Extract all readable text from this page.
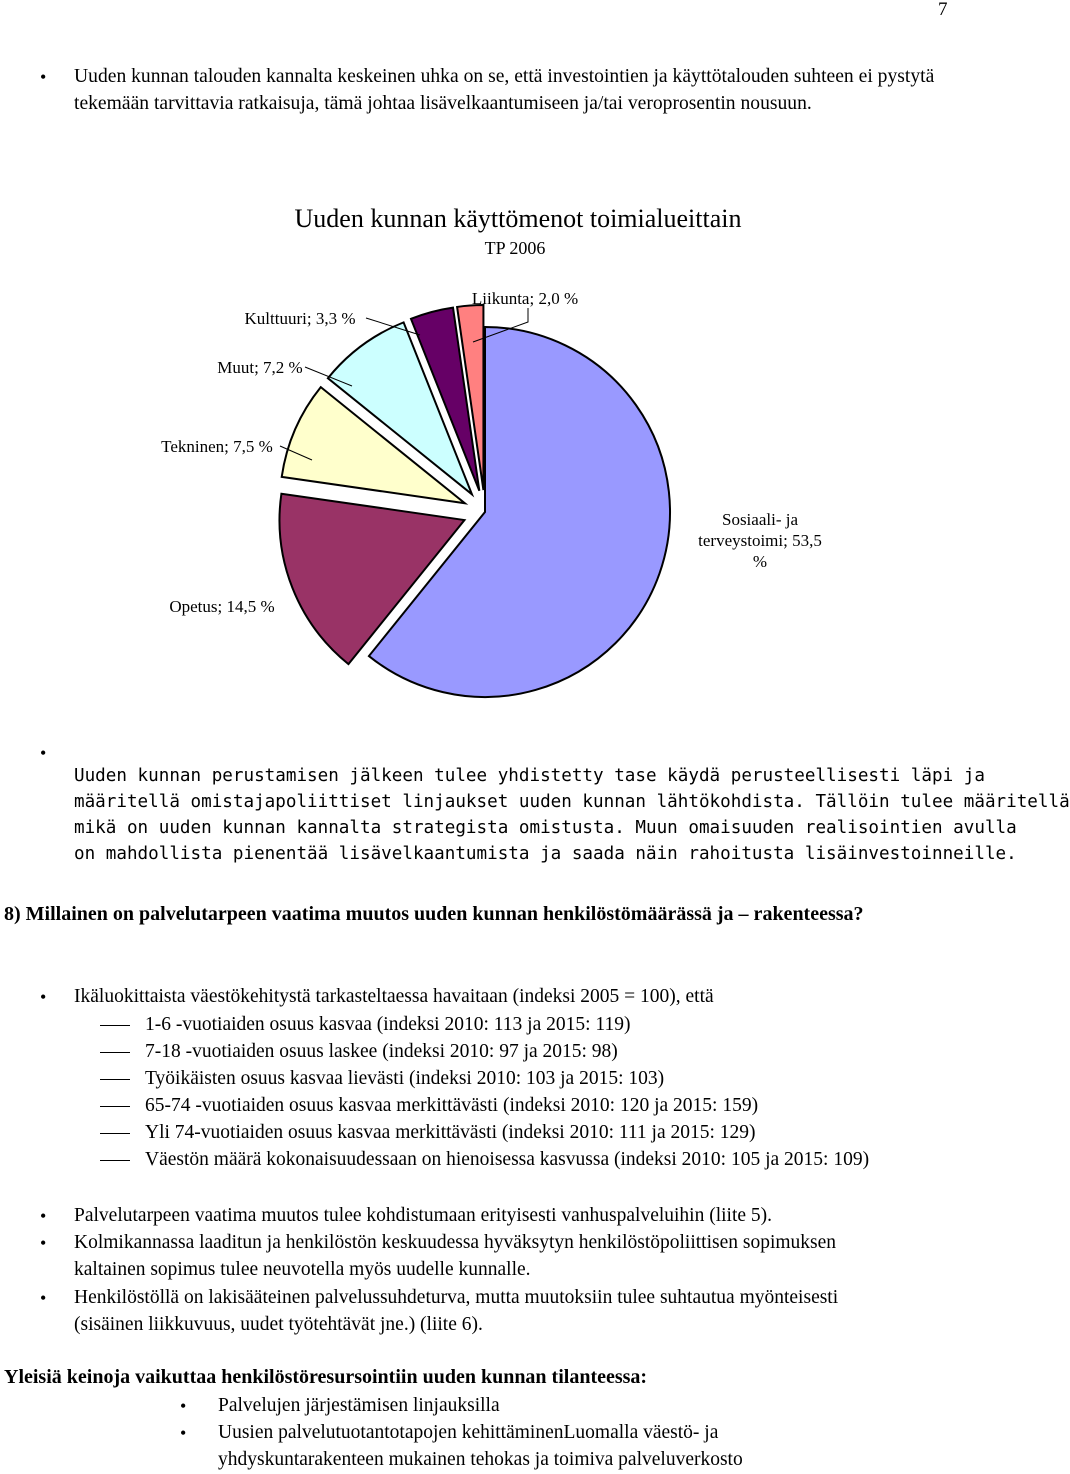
7
• Uuden kunnan talouden kannalta keskeinen uhka on se, että investointien ja käyttötalouden suhteen ei pystytä tekemään tarvittavia ratkaisuja, tämä johtaa lisävelkaantumiseen ja/tai veroprosentin nousuun.
Uuden kunnan käyttömenot toimialueittain
TP 2006
Sosiaali- ja terveystoimi; 53,5 %
Opetus; 14,5 %
Tekninen; 7,5 %
Muut; 7,2 %
Kulttuuri; 3,3 %
Liikunta; 2,0 %
•
Uuden kunnan perustamisen jälkeen tulee yhdistetty tase käydä perusteellisesti läpi ja
määritellä omistajapoliittiset linjaukset uuden kunnan lähtökohdista. Tällöin tulee määritellä
mikä on uuden kunnan kannalta strategista omistusta. Muun omaisuuden realisointien avulla
on mahdollista pienentää lisävelkaantumista ja saada näin rahoitusta lisäinvestoinneille.
8) Millainen on palvelutarpeen vaatima muutos uuden kunnan henkilöstömäärässä ja – rakenteessa?
• Ikäluokittaista väestökehitystä tarkasteltaessa havaitaan (indeksi 2005 = 100), että
1-6 -vuotiaiden osuus kasvaa (indeksi 2010: 113 ja 2015: 119)
7-18 -vuotiaiden osuus laskee (indeksi 2010: 97 ja 2015: 98)
Työikäisten osuus kasvaa lievästi (indeksi 2010: 103 ja 2015: 103)
65-74 -vuotiaiden osuus kasvaa merkittävästi (indeksi 2010: 120 ja 2015: 159)
Yli 74-vuotiaiden osuus kasvaa merkittävästi (indeksi 2010: 111 ja 2015: 129)
Väestön määrä kokonaisuudessaan on hienoisessa kasvussa (indeksi 2010: 105 ja 2015: 109)
• Palvelutarpeen vaatima muutos tulee kohdistumaan erityisesti vanhuspalveluihin (liite 5).
• Kolmikannassa laaditun ja henkilöstön keskuudessa hyväksytyn henkilöstöpoliittisen sopimuksen kaltainen sopimus tulee neuvotella myös uudelle kunnalle.
• Henkilöstöllä on lakisääteinen palvelussuhdeturva, mutta muutoksiin tulee suhtautua myönteisesti (sisäinen liikkuvuus, uudet työtehtävät jne.) (liite 6).
Yleisiä keinoja vaikuttaa henkilöstöresursointiin uuden kunnan tilanteessa:
• Palvelujen järjestämisen linjauksilla
• Uusien palvelutuotantotapojen kehittäminenLuomalla väestö- ja yhdyskuntarakenteen mukainen tehokas ja toimiva palveluverkosto
